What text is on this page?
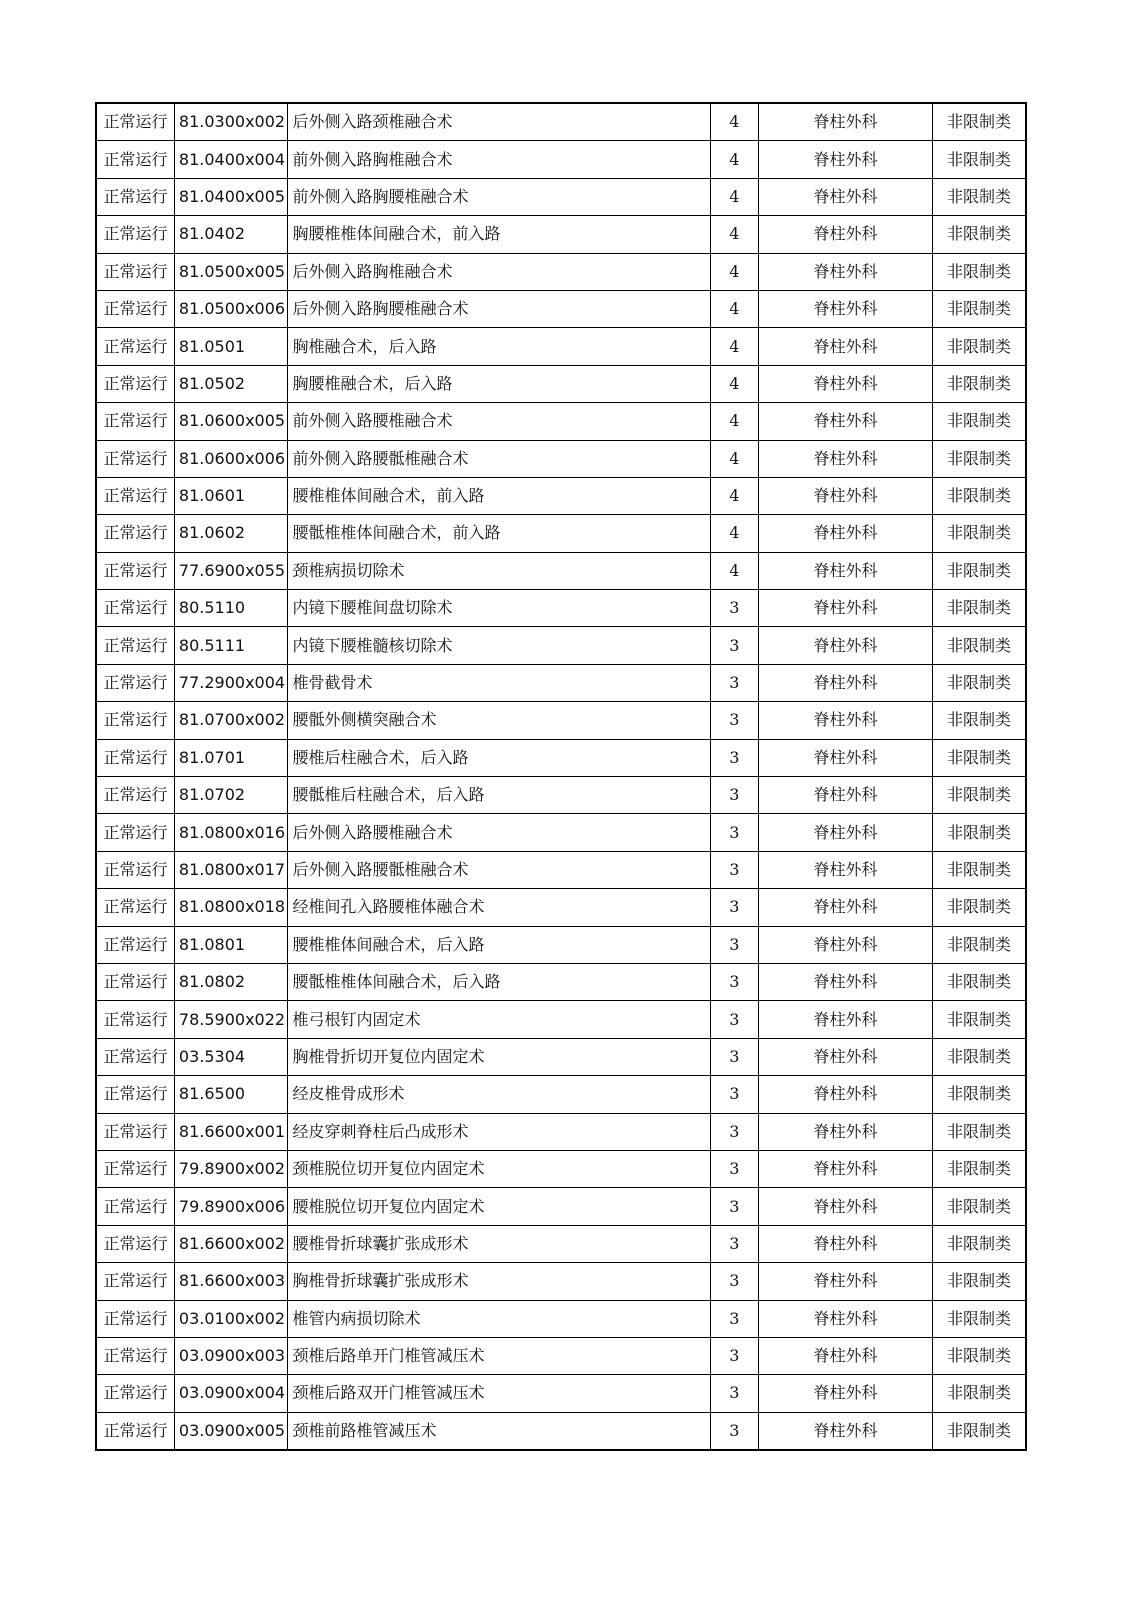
正常运行	81.0300x002	后外侧入路颈椎融合术	4	脊柱外科	非限制类
正常运行	81.0400x004	前外侧入路胸椎融合术	4	脊柱外科	非限制类
正常运行	81.0400x005	前外侧入路胸腰椎融合术	4	脊柱外科	非限制类
正常运行	81.0402	胸腰椎椎体间融合术，前入路	4	脊柱外科	非限制类
正常运行	81.0500x005	后外侧入路胸椎融合术	4	脊柱外科	非限制类
正常运行	81.0500x006	后外侧入路胸腰椎融合术	4	脊柱外科	非限制类
正常运行	81.0501	胸椎融合术，后入路	4	脊柱外科	非限制类
正常运行	81.0502	胸腰椎融合术，后入路	4	脊柱外科	非限制类
正常运行	81.0600x005	前外侧入路腰椎融合术	4	脊柱外科	非限制类
正常运行	81.0600x006	前外侧入路腰骶椎融合术	4	脊柱外科	非限制类
正常运行	81.0601	腰椎椎体间融合术，前入路	4	脊柱外科	非限制类
正常运行	81.0602	腰骶椎椎体间融合术，前入路	4	脊柱外科	非限制类
正常运行	77.6900x055	颈椎病损切除术	4	脊柱外科	非限制类
正常运行	80.5110	内镜下腰椎间盘切除术	3	脊柱外科	非限制类
正常运行	80.5111	内镜下腰椎髓核切除术	3	脊柱外科	非限制类
正常运行	77.2900x004	椎骨截骨术	3	脊柱外科	非限制类
正常运行	81.0700x002	腰骶外侧横突融合术	3	脊柱外科	非限制类
正常运行	81.0701	腰椎后柱融合术，后入路	3	脊柱外科	非限制类
正常运行	81.0702	腰骶椎后柱融合术，后入路	3	脊柱外科	非限制类
正常运行	81.0800x016	后外侧入路腰椎融合术	3	脊柱外科	非限制类
正常运行	81.0800x017	后外侧入路腰骶椎融合术	3	脊柱外科	非限制类
正常运行	81.0800x018	经椎间孔入路腰椎体融合术	3	脊柱外科	非限制类
正常运行	81.0801	腰椎椎体间融合术，后入路	3	脊柱外科	非限制类
正常运行	81.0802	腰骶椎椎体间融合术，后入路	3	脊柱外科	非限制类
正常运行	78.5900x022	椎弓根钉内固定术	3	脊柱外科	非限制类
正常运行	03.5304	胸椎骨折切开复位内固定术	3	脊柱外科	非限制类
正常运行	81.6500	经皮椎骨成形术	3	脊柱外科	非限制类
正常运行	81.6600x001	经皮穿刺脊柱后凸成形术	3	脊柱外科	非限制类
正常运行	79.8900x002	颈椎脱位切开复位内固定术	3	脊柱外科	非限制类
正常运行	79.8900x006	腰椎脱位切开复位内固定术	3	脊柱外科	非限制类
正常运行	81.6600x002	腰椎骨折球囊扩张成形术	3	脊柱外科	非限制类
正常运行	81.6600x003	胸椎骨折球囊扩张成形术	3	脊柱外科	非限制类
正常运行	03.0100x002	椎管内病损切除术	3	脊柱外科	非限制类
正常运行	03.0900x003	颈椎后路单开门椎管减压术	3	脊柱外科	非限制类
正常运行	03.0900x004	颈椎后路双开门椎管减压术	3	脊柱外科	非限制类
正常运行	03.0900x005	颈椎前路椎管减压术	3	脊柱外科	非限制类
